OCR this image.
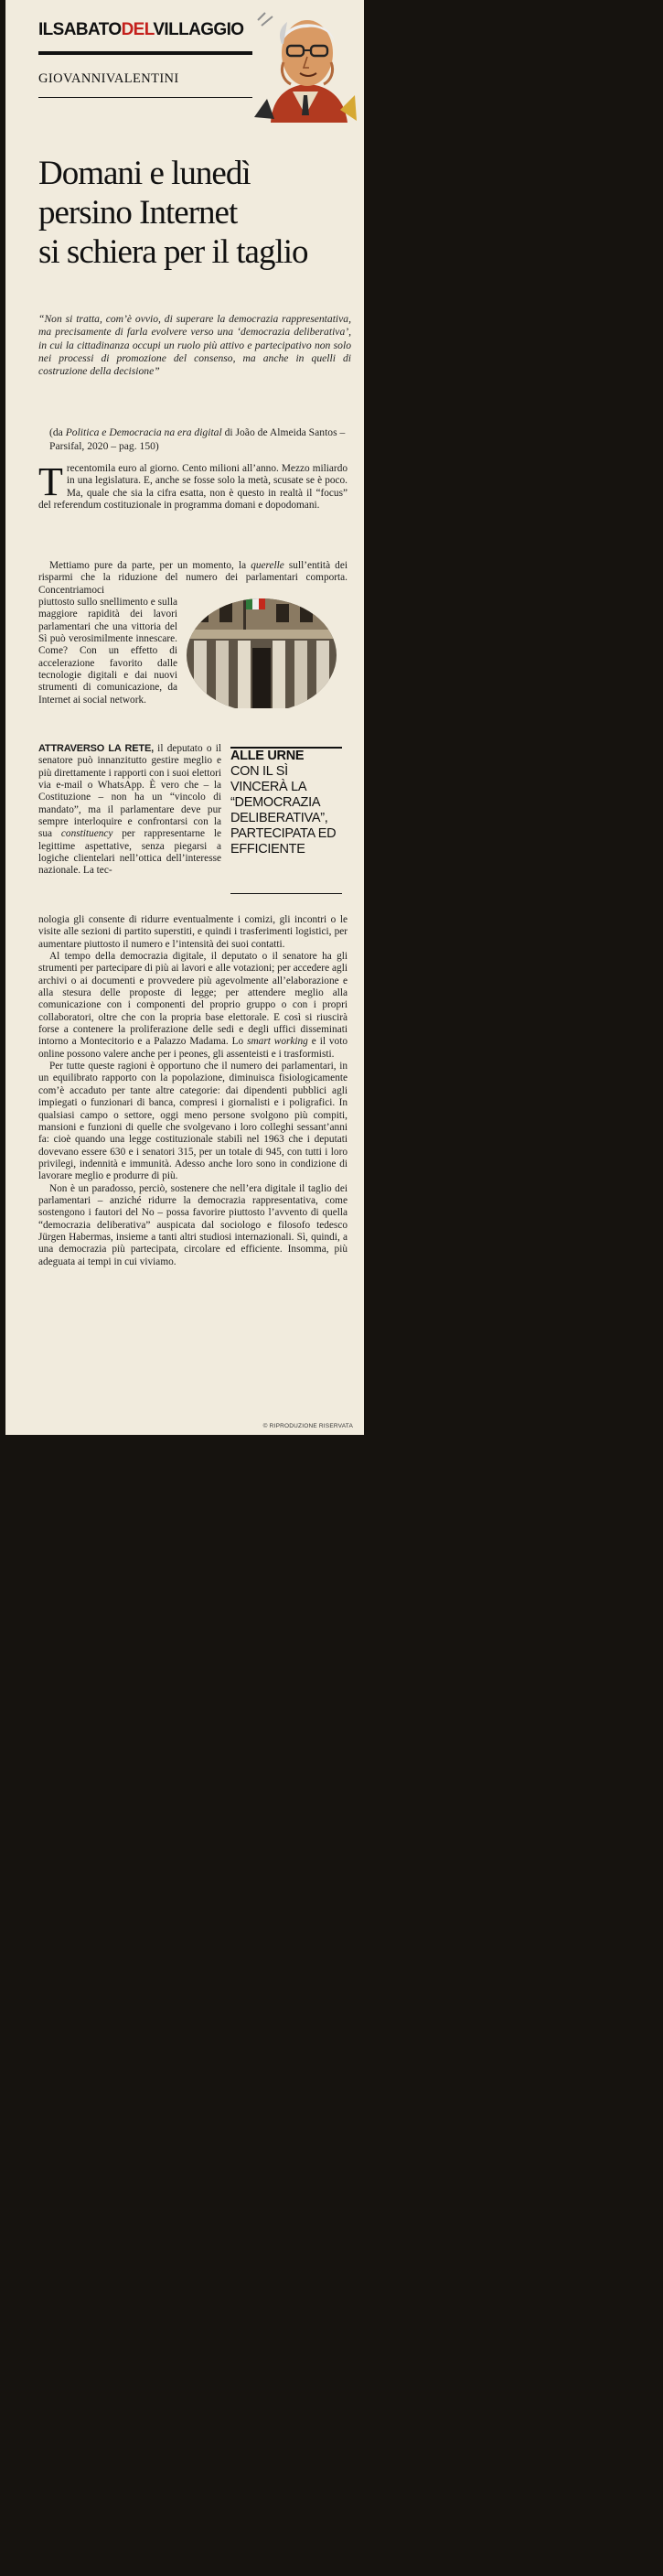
ILSABATODELVILLAGGIO
GIOVANNIVALENTINI
Domani e lunedì
persino Internet
si schiera per il taglio
“Non si tratta, com’è ovvio, di superare la democrazia rappresentativa, ma precisamente di farla evolvere verso una ‘democrazia deliberativa’, in cui la cittadinanza occupi un ruolo più attivo e partecipativo non solo nei processi di promozione del consenso, ma anche in quelli di costruzione della decisione”
(da Politica e Democracia na era digital di João de Almeida Santos – Parsifal, 2020 – pag. 150)

Trecentomila euro al giorno. Cento milioni all’anno. Mezzo miliardo in una legislatura. E, anche se fosse solo la metà, scusate se è poco. Ma, quale che sia la cifra esatta, non è questo in realtà il “focus” del referendum costituzionale in programma domani e dopodomani.

Mettiamo pure da parte, per un momento, la querelle sull’entità dei risparmi che la riduzione del numero dei parlamentari comporta. Concentriamoci

piuttosto sullo snellimento e sulla maggiore rapidità dei lavori parlamentari che una vittoria del Sì può verosimilmente innescare. Come? Con un effetto di accelerazione favorito dalle tecnologie digitali e dai nuovi strumenti di comunicazione, da Internet ai social network.

ATTRAVERSO LA RETE, il deputato o il senatore può innanzitutto gestire meglio e più direttamente i rapporti con i suoi elettori via e-mail o WhatsApp. È vero che – la Costituzione – non ha un “vincolo di mandato”, ma il parlamentare deve pur sempre interloquire e confrontarsi con la sua constituency per rappresentarne le legittime aspettative, senza piegarsi a logiche clientelari nell’ottica dell’interesse nazionale. La tec-

ALLE URNE
CON IL SÌ VINCERÀ LA “DEMOCRAZIA DELIBERATIVA”, PARTECIPATA ED EFFICIENTE

nologia gli consente di ridurre eventualmente i comizi, gli incontri o le visite alle sezioni di partito superstiti, e quindi i trasferimenti logistici, per aumentare piuttosto il numero e l’intensità dei suoi contatti.

Al tempo della democrazia digitale, il deputato o il senatore ha gli strumenti per partecipare di più ai lavori e alle votazioni; per accedere agli archivi o ai documenti e provvedere più agevolmente all’elaborazione e alla stesura delle proposte di legge; per attendere meglio alla comunicazione con i componenti del proprio gruppo o con i propri collaboratori, oltre che con la propria base elettorale. E così si riuscirà forse a contenere la proliferazione delle sedi e degli uffici disseminati intorno a Montecitorio e a Palazzo Madama. Lo smart working e il voto online possono valere anche per i peones, gli assenteisti e i trasformisti.

Per tutte queste ragioni è opportuno che il numero dei parlamentari, in un equilibrato rapporto con la popolazione, diminuisca fisiologicamente com’è accaduto per tante altre categorie: dai dipendenti pubblici agli impiegati o funzionari di banca, compresi i giornalisti e i poligrafici. In qualsiasi campo o settore, oggi meno persone svolgono più compiti, mansioni e funzioni di quelle che svolgevano i loro colleghi sessant’anni fa: cioè quando una legge costituzionale stabilì nel 1963 che i deputati dovevano essere 630 e i senatori 315, per un totale di 945, con tutti i loro privilegi, indennità e immunità. Adesso anche loro sono in condizione di lavorare meglio e produrre di più.

Non è un paradosso, perciò, sostenere che nell’era digitale il taglio dei parlamentari – anziché ridurre la democrazia rappresentativa, come sostengono i fautori del No – possa favorire piuttosto l’avvento di quella “democrazia deliberativa” auspicata dal sociologo e filosofo tedesco Jürgen Habermas, insieme a tanti altri studiosi internazionali. Sì, quindi, a una democrazia più partecipata, circolare ed efficiente. Insomma, più adeguata ai tempi in cui viviamo.

© RIPRODUZIONE RISERVATA
